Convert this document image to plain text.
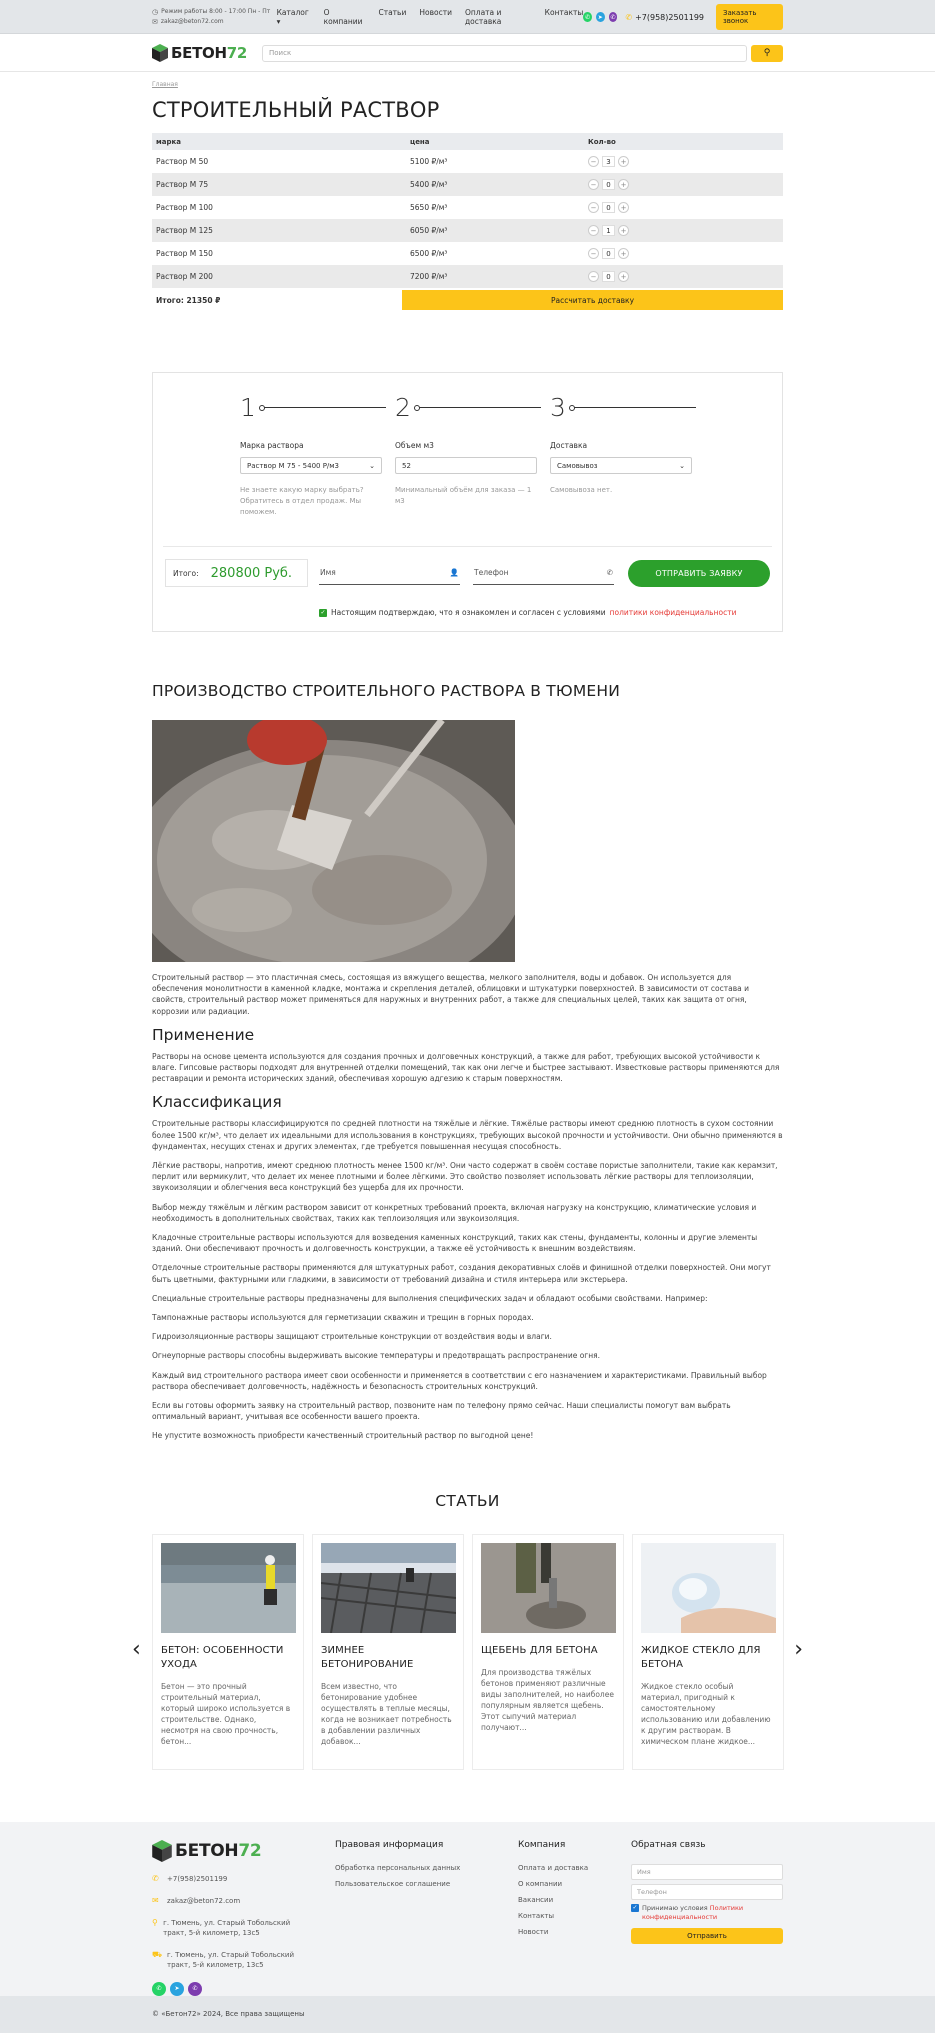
◷ Режим работы 8:00 - 17:00 Пн - Пт
✉ zakaz@beton72.com
Каталог ▾
О компании
Статьи Новости Оплата и доставка
Контакты ✆	➤	✆ ✆ +7(958)2501199	Заказать звонок
БЕТОН72	Поиск	⚲
Главная
СТРОИТЕЛЬНЫЙ РАСТВОР
марка	цена	Кол-во
Раствор М 50	5100 ₽/м³	−	3	+
Раствор М 75	5400 ₽/м³	−	0	+
Раствор М 100	5650 ₽/м³	−	0	+
Раствор М 125	6050 ₽/м³	−	1	+
Раствор М 150	6500 ₽/м³	−	0	+
Раствор М 200	7200 ₽/м³	−	0	+
Итого: 21350 ₽	Рассчитать доставку
1	2	3
Марка раствора
Раствор М 75 - 5400 Р/м3	⌄
Не знаете какую марку выбрать? Обратитесь в отдел продаж. Мы поможем.
Объем м3
52
Минимальный объём для заказа — 1 м3
Доставка
Самовывоз	⌄
Самовывоза нет.
Итого: 280800 Руб.	Имя	👤 Телефон	✆	ОТПРАВИТЬ ЗАЯВКУ
✓ Настоящим подтверждаю, что я ознакомлен и согласен с условиями политики конфиденциальности
ПРОИЗВОДСТВО СТРОИТЕЛЬНОГО РАСТВОРА В ТЮМЕНИ

Строительный раствор — это пластичная смесь, состоящая из вяжущего вещества, мелкого заполнителя, воды и добавок. Он используется для обеспечения монолитности в каменной кладке, монтажа и скрепления деталей, облицовки и штукатурки поверхностей. В зависимости от состава и свойств, строительный раствор может применяться для наружных и внутренних работ, а также для специальных целей, таких как защита от огня, коррозии или радиации.

Применение

Растворы на основе цемента используются для создания прочных и долговечных конструкций, а также для работ, требующих высокой устойчивости к влаге. Гипсовые растворы подходят для внутренней отделки помещений, так как они легче и быстрее застывают. Известковые растворы применяются для реставрации и ремонта исторических зданий, обеспечивая хорошую адгезию к старым поверхностям.

Классификация

Строительные растворы классифицируются по средней плотности на тяжёлые и лёгкие. Тяжёлые растворы имеют среднюю плотность в сухом состоянии более 1500 кг/м³, что делает их идеальными для использования в конструкциях, требующих высокой прочности и устойчивости. Они обычно применяются в фундаментах, несущих стенах и других элементах, где требуется повышенная несущая способность.

Лёгкие растворы, напротив, имеют среднюю плотность менее 1500 кг/м³. Они часто содержат в своём составе пористые заполнители, такие как керамзит, перлит или вермикулит, что делает их менее плотными и более лёгкими. Это свойство позволяет использовать лёгкие растворы для теплоизоляции, звукоизоляции и облегчения веса конструкций без ущерба для их прочности.

Выбор между тяжёлым и лёгким раствором зависит от конкретных требований проекта, включая нагрузку на конструкцию, климатические условия и необходимость в дополнительных свойствах, таких как теплоизоляция или звукоизоляция.

Кладочные строительные растворы используются для возведения каменных конструкций, таких как стены, фундаменты, колонны и другие элементы зданий. Они обеспечивают прочность и долговечность конструкции, а также её устойчивость к внешним воздействиям.

Отделочные строительные растворы применяются для штукатурных работ, создания декоративных слоёв и финишной отделки поверхностей. Они могут быть цветными, фактурными или гладкими, в зависимости от требований дизайна и стиля интерьера или экстерьера.

Специальные строительные растворы предназначены для выполнения специфических задач и обладают особыми свойствами. Например:

Тампонажные растворы используются для герметизации скважин и трещин в горных породах.

Гидроизоляционные растворы защищают строительные конструкции от воздействия воды и влаги.

Огнеупорные растворы способны выдерживать высокие температуры и предотвращать распространение огня.

Каждый вид строительного раствора имеет свои особенности и применяется в соответствии с его назначением и характеристиками. Правильный выбор раствора обеспечивает долговечность, надёжность и безопасность строительных конструкций.

Если вы готовы оформить заявку на строительный раствор, позвоните нам по телефону прямо сейчас. Наши специалисты помогут вам выбрать оптимальный вариант, учитывая все особенности вашего проекта.

Не упустите возможность приобрести качественный строительный раствор по выгодной цене!

СТАТЬИ
‹ БЕТОН: ОСОБЕННОСТИ УХОДА
Бетон — это прочный строительный материал, который широко используется в строительстве. Однако, несмотря на свою прочность, бетон...
ЗИМНЕЕ БЕТОНИРОВАНИЕ
Всем известно, что бетонирование удобнее осуществлять в теплые месяцы, когда не возникает потребность в добавлении различных добавок...
ЩЕБЕНЬ ДЛЯ БЕТОНА
Для производства тяжёлых бетонов применяют различные виды заполнителей, но наиболее популярным является щебень. Этот сыпучий материал получают...
ЖИДКОЕ СТЕКЛО ДЛЯ БЕТОНА
Жидкое стекло особый материал, пригодный к самостоятельному использованию или добавлению к другим растворам. В химическом плане жидкое...
›
БЕТОН72
✆	+7(958)2501199
✉	zakaz@beton72.com
⚲ г. Тюмень, ул. Старый Тобольский тракт, 5-й километр, 13с5
⛟ г. Тюмень, ул. Старый Тобольский тракт, 5-й километр, 13с5
✆	➤	✆
Правовая информация
Обработка персональных данных
Пользовательское соглашение
Компания
Оплата и доставка
О компании
Вакансии
Контакты
Новости
Обратная связь
Имя
Телефон
✓ Принимаю условия Политики конфиденциальности
Отправить
© «Бетон72» 2024, Все права защищены
